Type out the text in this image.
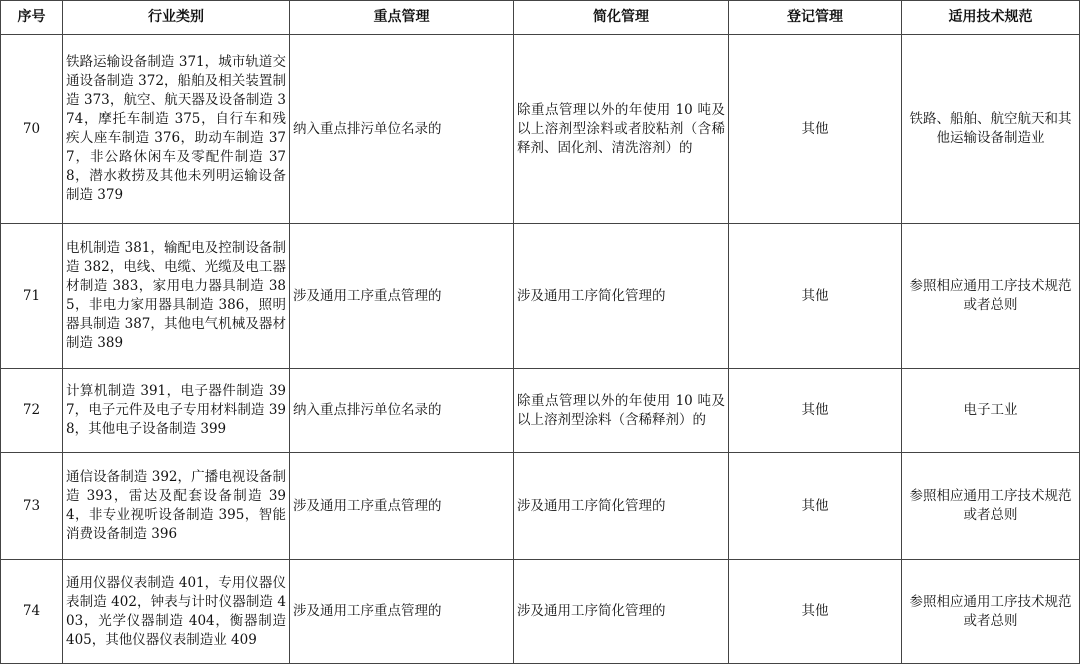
序号	行业类别	重点管理	简化管理	登记管理	适用技术规范
70	铁路运输设备制造 371，城市轨道交通设备制造 372，船舶及相关装置制造 373，航空、航天器及设备制造 374，摩托车制造 375，自行车和残疾人座车制造 376，助动车制造 377，非公路休闲车及零配件制造 378，潜水救捞及其他未列明运输设备制造 379	纳入重点排污单位名录的	除重点管理以外的年使用 10 吨及以上溶剂型涂料或者胶粘剂（含稀释剂、固化剂、清洗溶剂）的	其他	铁路、船舶、航空航天和其他运输设备制造业
71	电机制造 381，输配电及控制设备制造 382，电线、电缆、光缆及电工器材制造 383，家用电力器具制造 385，非电力家用器具制造 386，照明器具制造 387，其他电气机械及器材制造 389	涉及通用工序重点管理的	涉及通用工序简化管理的	其他	参照相应通用工序技术规范或者总则
72	计算机制造 391，电子器件制造 397，电子元件及电子专用材料制造 398，其他电子设备制造 399	纳入重点排污单位名录的	除重点管理以外的年使用 10 吨及以上溶剂型涂料（含稀释剂）的	其他	电子工业
73	通信设备制造 392，广播电视设备制造 393，雷达及配套设备制造 394，非专业视听设备制造 395，智能消费设备制造 396	涉及通用工序重点管理的	涉及通用工序简化管理的	其他	参照相应通用工序技术规范或者总则
74	通用仪器仪表制造 401，专用仪器仪表制造 402，钟表与计时仪器制造 403，光学仪器制造 404，衡器制造 405，其他仪器仪表制造业 409	涉及通用工序重点管理的	涉及通用工序简化管理的	其他	参照相应通用工序技术规范或者总则
